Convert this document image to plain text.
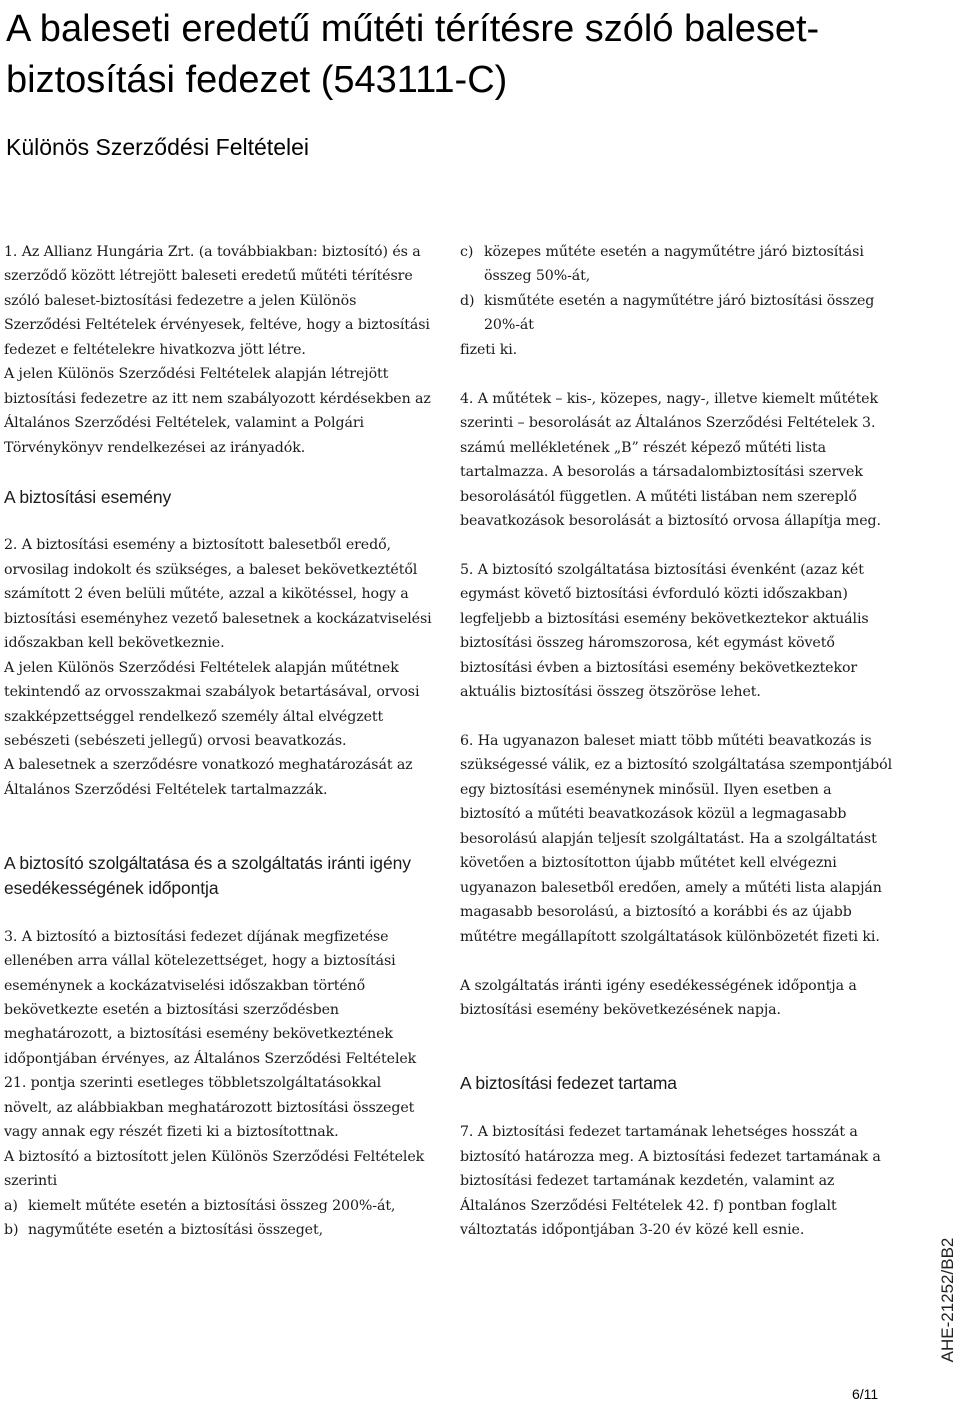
A baleseti eredetű műtéti térítésre szóló baleset-biztosítási fedezet (543111-C)
Különös Szerződési Feltételei

1. Az Allianz Hungária Zrt. (a továbbiakban: biztosító) és a szerződő között létrejött baleseti eredetű műtéti térítésre szóló baleset-biztosítási fedezetre a jelen Különös Szerződési Feltételek érvényesek, feltéve, hogy a biztosítási fedezet e feltételekre hivatkozva jött létre.

A jelen Különös Szerződési Feltételek alapján létrejött biztosítási fedezetre az itt nem szabályozott kérdésekben az Általános Szerződési Feltételek, valamint a Polgári Törvénykönyv rendelkezései az irányadók.

A biztosítási esemény

2. A biztosítási esemény a biztosított balesetből eredő, orvosilag indokolt és szükséges, a baleset bekövetkeztétől számított 2 éven belüli műtéte, azzal a kikötéssel, hogy a biztosítási eseményhez vezető balesetnek a kockázatviselési időszakban kell bekövetkeznie.

A jelen Különös Szerződési Feltételek alapján műtétnek tekintendő az orvosszakmai szabályok betartásával, orvosi szakképzettséggel rendelkező személy által elvégzett sebészeti (sebészeti jellegű) orvosi beavatkozás.

A balesetnek a szerződésre vonatkozó meghatározását az Általános Szerződési Feltételek tartalmazzák.

A biztosító szolgáltatása és a szolgáltatás iránti igény esedékességének időpontja

3. A biztosító a biztosítási fedezet díjának megfizetése ellenében arra vállal kötelezettséget, hogy a biztosítási eseménynek a kockázatviselési időszakban történő bekövetkezte esetén a biztosítási szerződésben meghatározott, a biztosítási esemény bekövetkeztének időpontjában érvényes, az Általános Szerződési Feltételek 21. pontja szerinti esetleges többletszolgáltatásokkal növelt, az alábbiakban meghatározott biztosítási összeget vagy annak egy részét fizeti ki a biztosítottnak.

A biztosító a biztosított jelen Különös Szerződési Feltételek szerinti

a) kiemelt műtéte esetén a biztosítási összeg 200%-át,
b) nagyműtéte esetén a biztosítási összeget,
c) közepes műtéte esetén a nagyműtétre járó biztosítási összeg 50%-át,
d) kisműtéte esetén a nagyműtétre járó biztosítási összeg 20%-át

fizeti ki.

4. A műtétek – kis-, közepes, nagy-, illetve kiemelt műtétek szerinti – besorolását az Általános Szerződési Feltételek 3. számú mellékletének „B” részét képező műtéti lista tartalmazza. A besorolás a társadalombiztosítási szervek besorolásától független. A műtéti listában nem szereplő beavatkozások besorolását a biztosító orvosa állapítja meg.

5. A biztosító szolgáltatása biztosítási évenként (azaz két egymást követő biztosítási évforduló közti időszakban) legfeljebb a biztosítási esemény bekövetkeztekor aktuális biztosítási összeg háromszorosa, két egymást követő biztosítási évben a biztosítási esemény bekövetkeztekor aktuális biztosítási összeg ötszöröse lehet.

6. Ha ugyanazon baleset miatt több műtéti beavatkozás is szükségessé válik, ez a biztosító szolgáltatása szempontjából egy biztosítási eseménynek minősül. Ilyen esetben a biztosító a műtéti beavatkozások közül a legmagasabb besorolású alapján teljesít szolgáltatást. Ha a szolgáltatást követően a biztosítotton újabb műtétet kell elvégezni ugyanazon balesetből eredően, amely a műtéti lista alapján magasabb besorolású, a biztosító a korábbi és az újabb műtétre megállapított szolgáltatások különbözetét fizeti ki.

A szolgáltatás iránti igény esedékességének időpontja a biztosítási esemény bekövetkezésének napja.

A biztosítási fedezet tartama

7. A biztosítási fedezet tartamának lehetséges hosszát a biztosító határozza meg. A biztosítási fedezet tartamának a biztosítási fedezet tartamának kezdetén, valamint az Általános Szerződési Feltételek 42. f) pontban foglalt változtatás időpontjában 3-20 év közé kell esnie.

AHE-21252/BB2
6/11
